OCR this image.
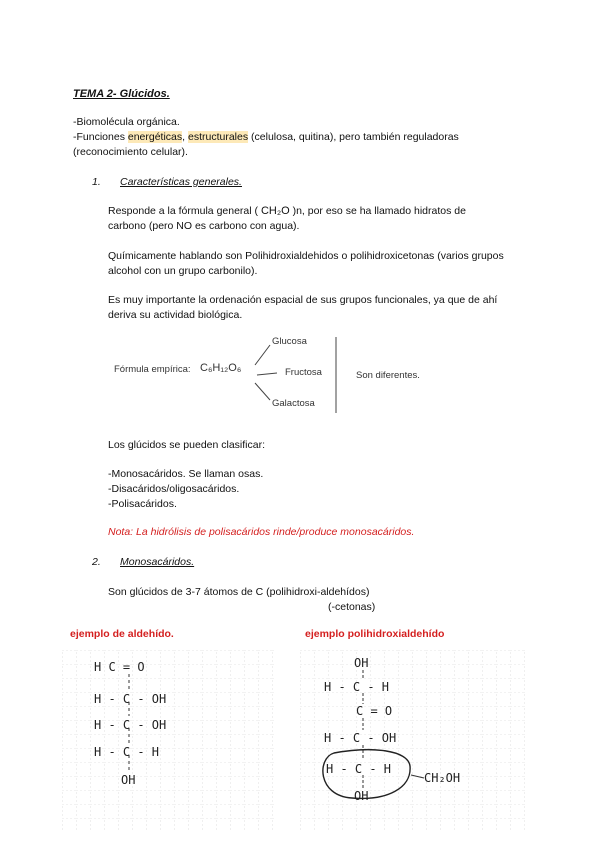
TEMA 2- Glúcidos.
-Biomolécula orgánica.
-Funciones energéticas, estructurales (celulosa, quitina), pero también reguladoras
(reconocimiento celular).
1. Características generales.
Responde a la fórmula general ( CH₂O )n, por eso se ha llamado hidratos de
carbono (pero NO es carbono con agua).
Químicamente hablando son Polihidroxialdehidos o polihidroxicetonas (varios grupos
alcohol con un grupo carbonilo).
Es muy importante la ordenación espacial de sus grupos funcionales, ya que de ahí
deriva su actividad biológica.
Fórmula empírica: C₆H₁₂O₆
Glucosa
Fructosa
Galactosa
Son diferentes.
Los glúcidos se pueden clasificar:
-Monosacáridos. Se llaman osas.
-Disacáridos/oligosacáridos.
-Polisacáridos.
Nota: La hidrólisis de polisacáridos rinde/produce monosacáridos.
2. Monosacáridos.
Son glúcidos de 3-7 átomos de C (polihidroxi-aldehídos)
(-cetonas)
ejemplo de aldehído.	ejemplo polihidroxialdehído
H C = O
H - C - OH
H - C - OH
H - C - H
OH
OH
H - C - H
C = O
H - C - OH
H - C - H
OH
CH₂OH
